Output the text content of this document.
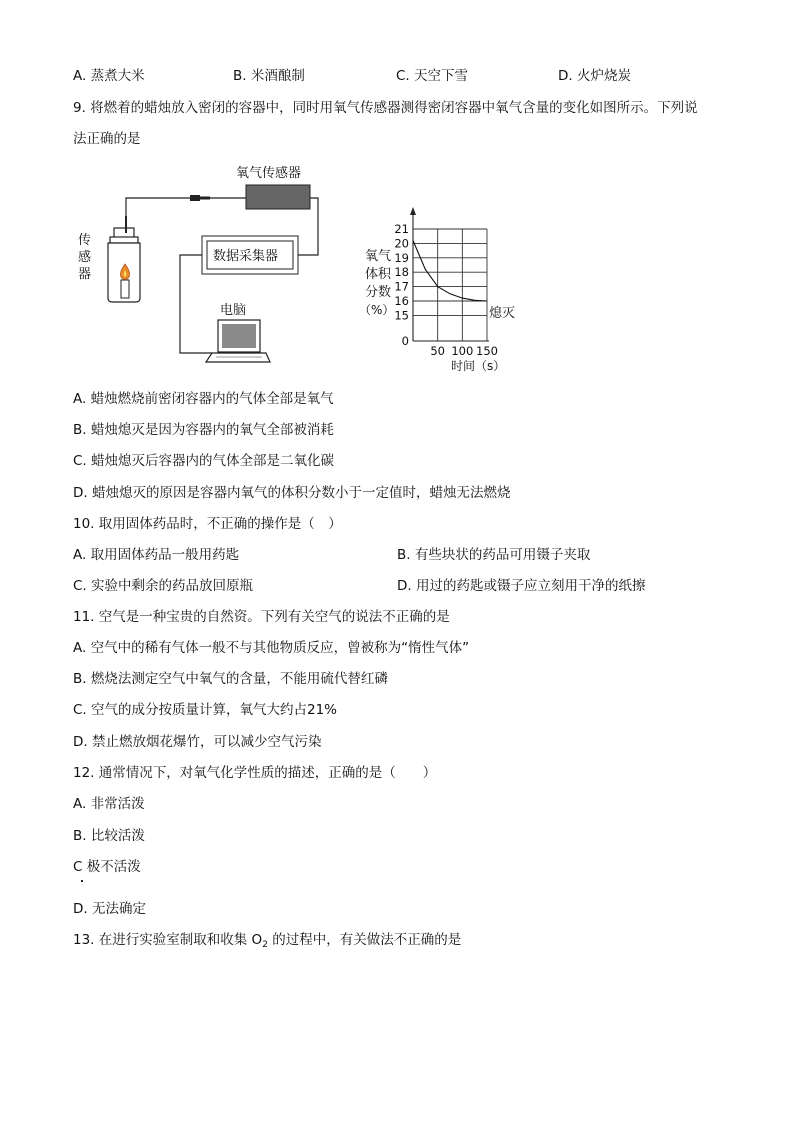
A. 蒸煮大米	B. 米酒酿制	C. 天空下雪	D. 火炉烧炭
9. 将燃着的蜡烛放入密闭的容器中，同时用氧气传感器测得密闭容器中氧气含量的变化如图所示。下列说
法正确的是
传
感
器
氧气传感器
数据采集器
电脑
氧气
体积
分数
（%）
21
20
19
18
17
16
15
0
50 100 150
熄灭
时间（s）
A. 蜡烛燃烧前密闭容器内的气体全部是氧气
B. 蜡烛熄灭是因为容器内的氧气全部被消耗
C. 蜡烛熄灭后容器内的气体全部是二氧化碳
D. 蜡烛熄灭的原因是容器内氧气的体积分数小于一定值时，蜡烛无法燃烧
10. 取用固体药品时，不正确的操作是（　）
A. 取用固体药品一般用药匙	B. 有些块状的药品可用镊子夹取
C. 实验中剩余的药品放回原瓶	D. 用过的药匙或镊子应立刻用干净的纸擦
11. 空气是一种宝贵的自然资。下列有关空气的说法不正确的是
A. 空气中的稀有气体一般不与其他物质反应，曾被称为“惰性气体”
B. 燃烧法测定空气中氧气的含量，不能用硫代替红磷
C. 空气的成分按质量计算，氧气大约占21%
D. 禁止燃放烟花爆竹，可以减少空气污染
12. 通常情况下，对氧气化学性质的描述，正确的是（　　）
A. 非常活泼
B. 比较活泼
C 极不活泼
D. 无法确定
13. 在进行实验室制取和收集 $O_2$ 的过程中，有关做法不正确的是
